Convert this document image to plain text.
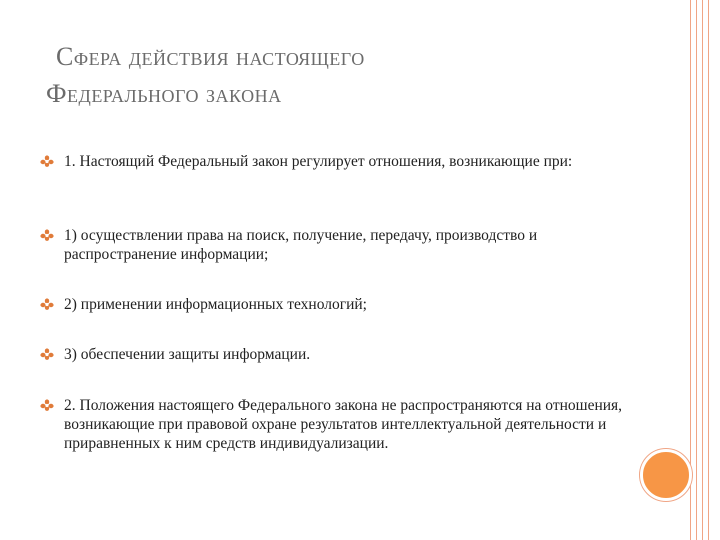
Сфера действия настоящего
Федерального закона
1. Настоящий Федеральный закон регулирует отношения, возникающие при:
1) осуществлении права на поиск, получение, передачу, производство и распространение информации;
2) применении информационных технологий;
3) обеспечении защиты информации.
2. Положения настоящего Федерального закона не распространяются на отношения, возникающие при правовой охране результатов интеллектуальной деятельности и приравненных к ним средств индивидуализации.
